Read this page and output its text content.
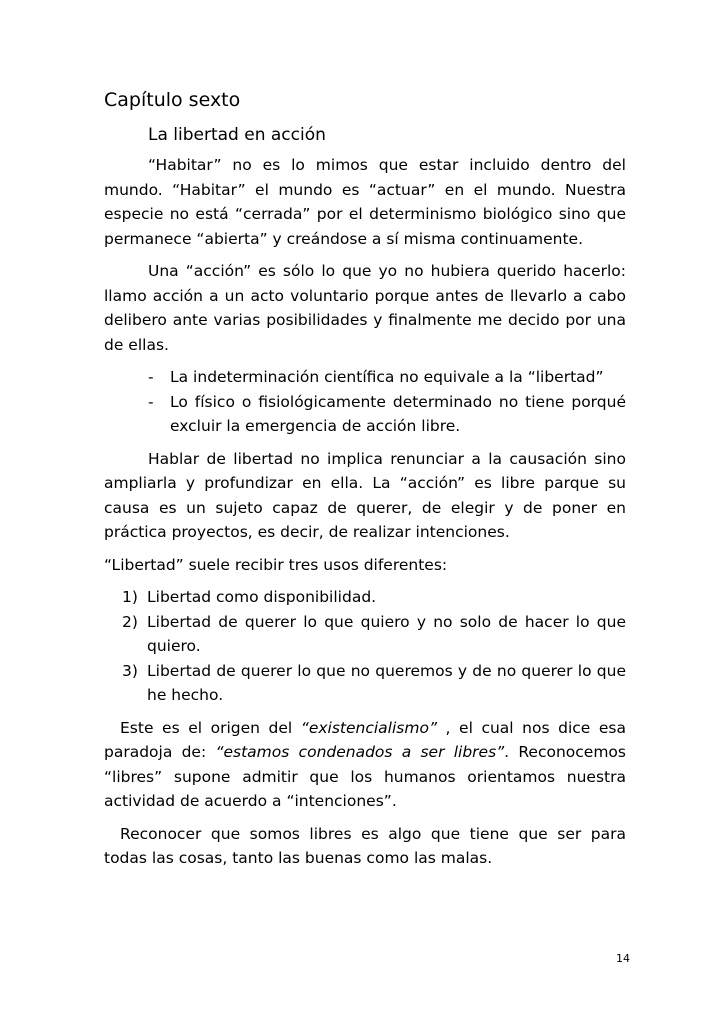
Capítulo sexto
La libertad en acción

“Habitar” no es lo mimos que estar incluido dentro del mundo. “Habitar” el mundo es “actuar” en el mundo. Nuestra especie no está “cerrada” por el determinismo biológico sino que permanece “abierta” y creándose a sí misma continuamente.

Una “acción” es sólo lo que yo no hubiera querido hacerlo: llamo acción a un acto voluntario porque antes de llevarlo a cabo delibero ante varias posibilidades y finalmente me decido por una de ellas.

- La indeterminación científica no equivale a la “libertad”
- Lo físico o fisiológicamente determinado no tiene porqué excluir la emergencia de acción libre.

Hablar de libertad no implica renunciar a la causación sino ampliarla y profundizar en ella. La “acción” es libre parque su causa es un sujeto capaz de querer, de elegir y de poner en práctica proyectos, es decir, de realizar intenciones.

“Libertad” suele recibir tres usos diferentes:

1) Libertad como disponibilidad.
2) Libertad de querer lo que quiero y no solo de hacer lo que quiero.
3) Libertad de querer lo que no queremos y de no querer lo que he hecho.

Este es el origen del “existencialismo” , el cual nos dice esa paradoja de: “estamos condenados a ser libres”. Reconocemos “libres” supone admitir que los humanos orientamos nuestra actividad de acuerdo a “intenciones”.

Reconocer que somos libres es algo que tiene que ser para todas las cosas, tanto las buenas como las malas.

14
